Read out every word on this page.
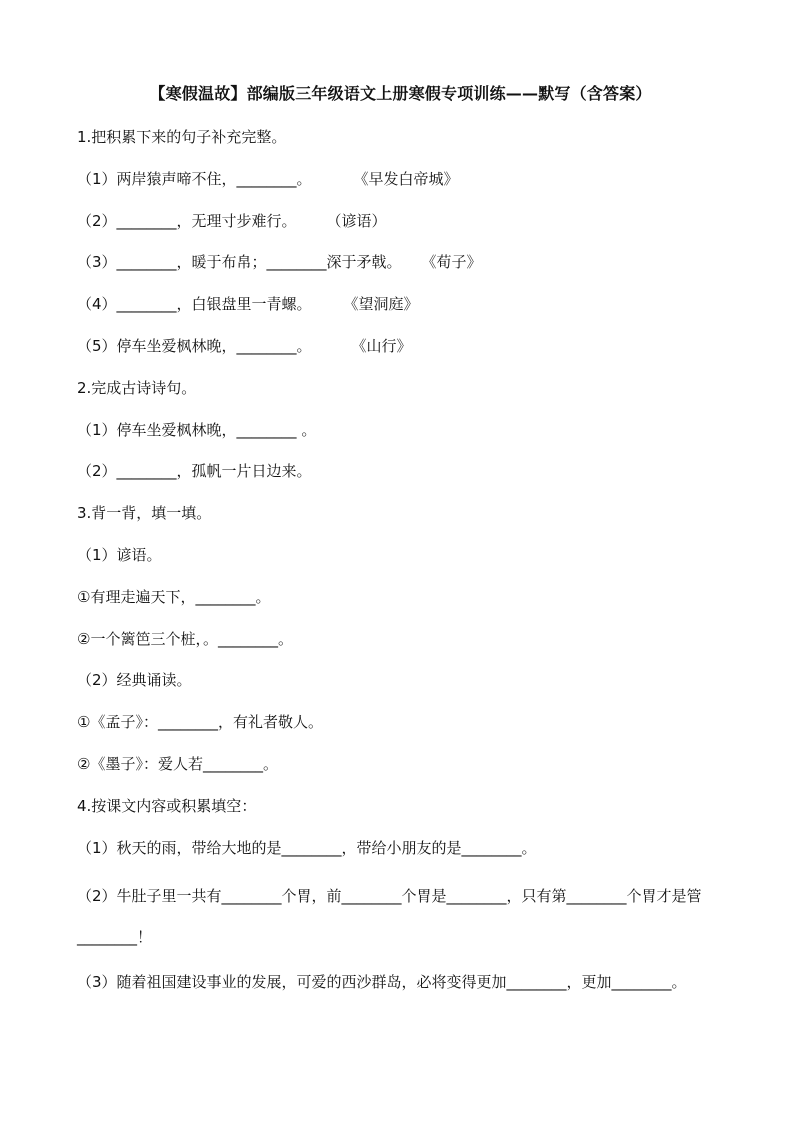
【寒假温故】部编版三年级语文上册寒假专项训练——默写（含答案）
1.把积累下来的句子补充完整。
（1）两岸猿声啼不住，________。	《早发白帝城》
（2）________，无理寸步难行。 （谚语）
（3）________，暖于布帛；________深于矛戟。 《荀子》
（4）________，白银盘里一青螺。 《望洞庭》
（5）停车坐爱枫林晚，________。	《山行》
2.完成古诗诗句。
（1）停车坐爱枫林晚，________ 。
（2）________，孤帆一片日边来。
3.背一背，填一填。
（1）谚语。
①有理走遍天下，________。
②一个篱笆三个桩，。________。
（2）经典诵读。
①《孟子》：________，有礼者敬人。
②《墨子》：爱人若________。
4.按课文内容或积累填空：
（1）秋天的雨，带给大地的是________，带给小朋友的是________。
（2）牛肚子里一共有________个胃，前________个胃是________，只有第________个胃才是管________！
（3）随着祖国建设事业的发展，可爱的西沙群岛，必将变得更加________，更加________。
